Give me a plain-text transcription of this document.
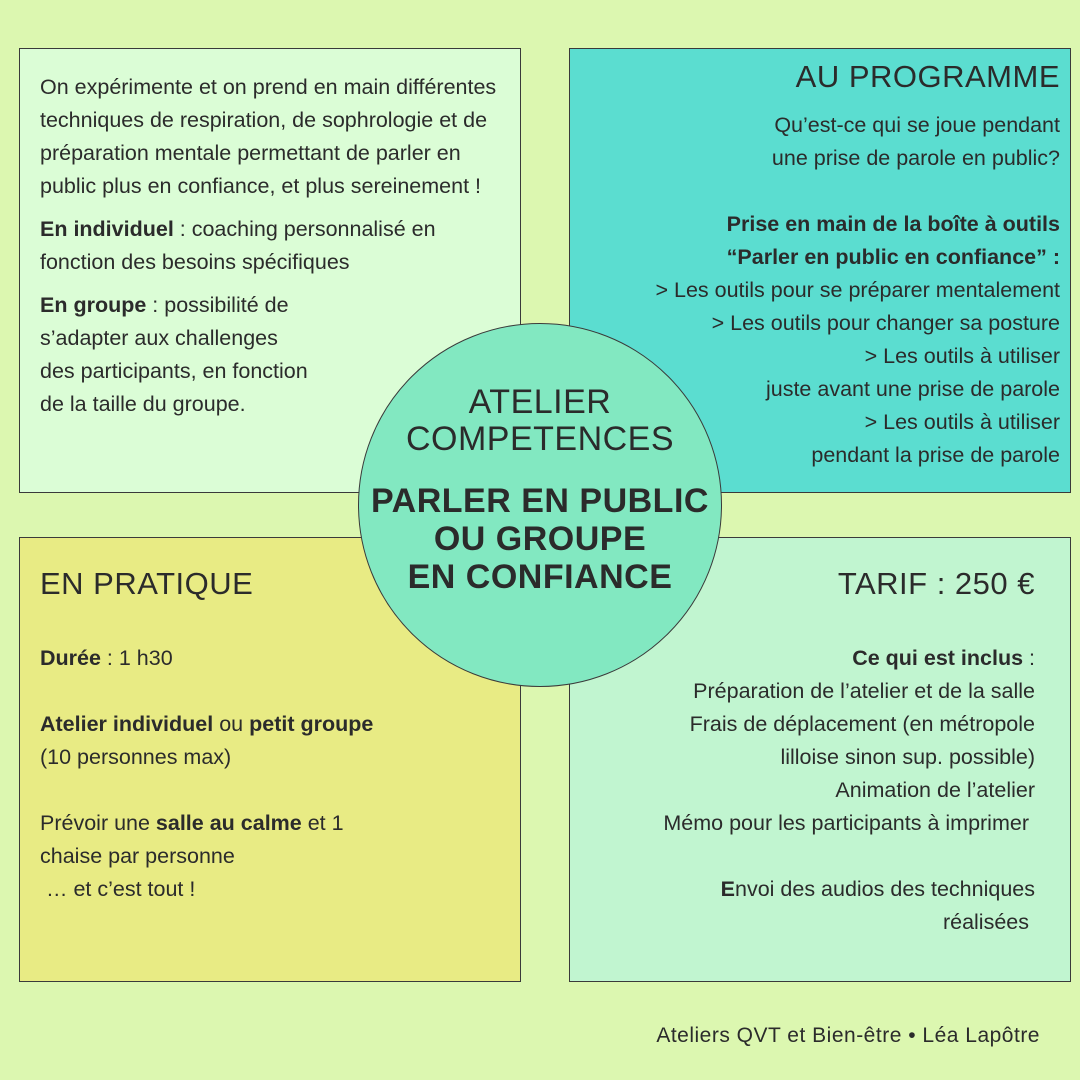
On expérimente et on prend en main différentes techniques de respiration, de sophrologie et de préparation mentale permettant de parler en public plus en confiance, et plus sereinement !

En individuel : coaching personnalisé en fonction des besoins spécifiques

En groupe : possibilité de
s’adapter aux challenges
des participants, en fonction
de la taille du groupe.

AU PROGRAMME

Qu’est-ce qui se joue pendant
une prise de parole en public?

Prise en main de la boîte à outils
“Parler en public en confiance” :

> Les outils pour se préparer mentalement
> Les outils pour changer sa posture
> Les outils à utiliser
juste avant une prise de parole
> Les outils à utiliser
pendant la prise de parole

EN PRATIQUE

Durée : 1 h30

Atelier individuel ou petit groupe
(10 personnes max)

Prévoir une salle au calme et 1
chaise par personne
… et c’est tout !

TARIF : 250 €

Ce qui est inclus :

Préparation de l’atelier et de la salle
Frais de déplacement (en métropole
lilloise sinon sup. possible)
Animation de l’atelier
Mémo pour les participants à imprimer

Envoi des audios des techniques
réalisées

ATELIER
COMPETENCES
PARLER EN PUBLIC
OU GROUPE
EN CONFIANCE
Ateliers QVT et Bien-être • Léa Lapôtre
